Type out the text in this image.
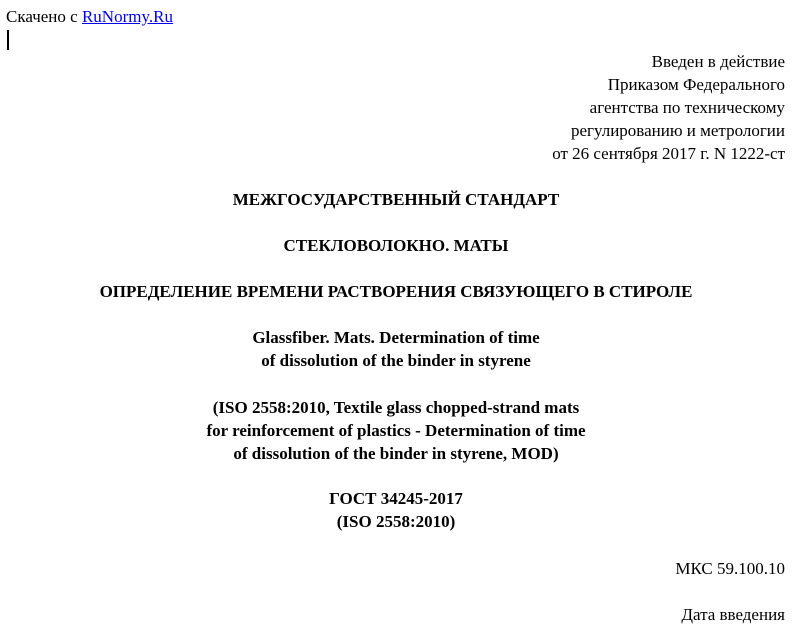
Скачено с RuNormy.Ru
Введен в действие
Приказом Федерального
агентства по техническому
регулированию и метрологии
от 26 сентября 2017 г. N 1222-ст
МЕЖГОСУДАРСТВЕННЫЙ СТАНДАРТ
СТЕКЛОВОЛОКНО. МАТЫ
ОПРЕДЕЛЕНИЕ ВРЕМЕНИ РАСТВОРЕНИЯ СВЯЗУЮЩЕГО В СТИРОЛЕ
Glassfiber. Mats. Determination of time
of dissolution of the binder in styrene
(ISO 2558:2010, Textile glass chopped-strand mats
for reinforcement of plastics - Determination of time
of dissolution of the binder in styrene, MOD)
ГОСТ 34245-2017
(ISO 2558:2010)
МКС 59.100.10
Дата введения
